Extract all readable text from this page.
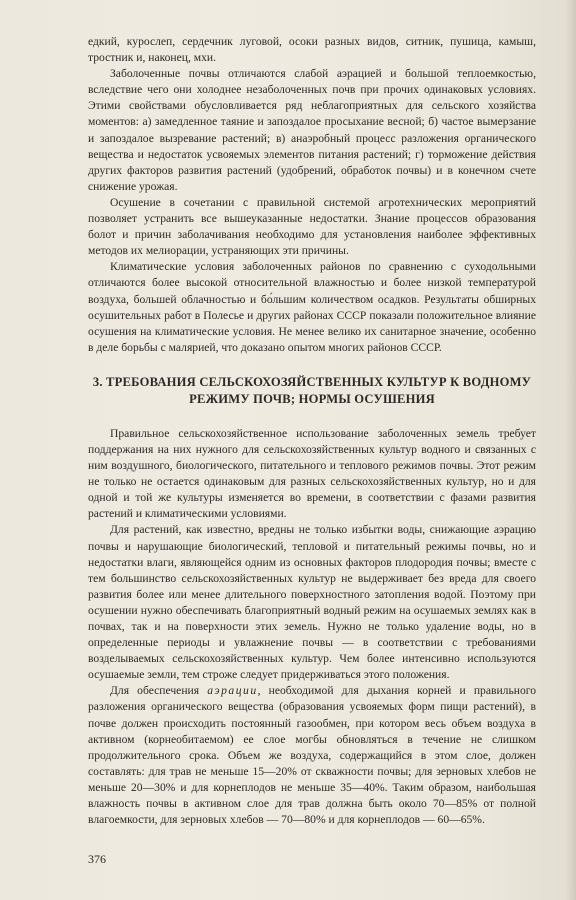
едкий, куросле‌п, сердечник луговой, осоки разных видов, ситник, пушица, камыш, тростник и, наконец, мхи.

Заболоченные почвы отличаются слабой аэрацией и большой теплоемкостью, вследствие чего они холоднее незаболоченных почв при прочих одинаковых условиях. Этими свойствами обусловливается ряд неблагоприятных для сельского хозяйства моментов: а) замедленное таяние и запоздалое просыхание весной; б) частое вымерзание и запоздалое вызревание растений; в) анаэробный процесс разложения органического вещества и недостаток усвояемых элементов питания растений; г) торможение действия других факторов развития растений (удобрений, обработок почвы) и в конечном счете снижение урожая.

Осушение в сочетании с правильной системой агротехнических мероприятий позволяет устранить все вышеуказанные недостатки. Знание процессов образования болот и причин заболачивания необходимо для установления наиболее эффективных методов их мелиорации, устраняющих эти причины.

Климатические условия заболоченных районов по сравнению с суходольными отличаются более высокой относительной влажностью и более низкой температурой воздуха, большей облачностью и бо́льшим количеством осадков. Результаты обширных осушительных работ в Полесье и других районах СССР показали положительное влияние осушения на климатические условия. Не менее велико их санитарное значение, особенно в деле борьбы с малярией, что доказано опытом многих районов СССР.

3. ТРЕБОВАНИЯ СЕЛЬСКОХОЗЯЙСТВЕННЫХ КУЛЬТУР К ВОДНОМУ РЕЖИМУ ПОЧВ; НОРМЫ ОСУШЕНИЯ

Правильное сельскохозяйственное использование заболоченных земель требует поддержания на них нужного для сельскохозяйственных культур водного и связанных с ним воздушного, биологического, питательного и теплового режимов почвы. Этот режим не только не остается одинаковым для разных сельскохозяйственных культур, но и для одной и той же культуры изменяется во времени, в соответствии с фазами развития растений и климатическими условиями.

Для растений, как известно, вредны не только избытки воды, снижающие аэрацию почвы и нарушающие биологический, тепловой и питательный режимы почвы, но и недостатки влаги, являющейся одним из основных факторов плодородия почвы; вместе с тем большинство сельскохозяйственных культур не выдерживает без вреда для своего развития более или менее длительного поверхностного затопления водой. Поэтому при осушении нужно обеспечивать благоприятный водный режим на осушаемых землях как в почвах, так и на поверхности этих земель. Нужно не только удаление воды, но в определенные периоды и увлажнение почвы — в соответствии с требованиями возделываемых сельскохозяйственных культур. Чем более интенсивно используются осушаемые земли, тем строже следует придерживаться этого положения.

Для обеспечения аэрации, необходимой для дыхания корней и правильного разложения органического вещества (образования усвояемых форм пищи растений), в почве должен происходить постоянный газообмен, при котором весь объем воздуха в активном (корнеобитаемом) ее слое могбы обновляться в течение не слишком продолжительного срока. Объем же воздуха, содержащийся в этом слое, должен составлять: для трав не меньше 15—20% от скважности почвы; для зерновых хлебов не меньше 20—30% и для корнеплодов не меньше 35—40%. Таким образом, наибольшая влажность почвы в активном слое для трав должна быть около 70—85% от полной влагоемкости, для зерновых хлебов — 70—80% и для корнеплодов — 60—65%.

376
